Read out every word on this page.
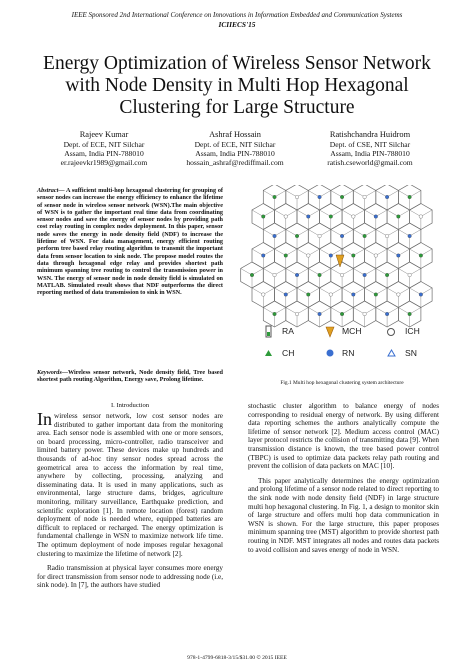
IEEE Sponsored 2nd International Conference on Innovations in Information Embedded and Communication Systems
ICIIECS'15
Energy Optimization of Wireless Sensor Network
with Node Density in Multi Hop Hexagonal
Clustering for Large Structure
Rajeev Kumar
Dept. of ECE, NIT Silchar
Assam, India PIN-788010
er.rajeevkr1989@gmail.com
Ashraf Hossain
Dept. of ECE, NIT Silchar
Assam, India PIN-788010
hossain_ashraf@rediffmail.com
Ratishchandra Huidrom
Dept. of CSE, NIT Silchar
Assam, India PIN-788010
ratish.cseworld@gmail.com
Abstract— A sufficient multi-hop hexagonal clustering for grouping of sensor nodes can increase the energy efficiency to enhance the lifetime of sensor node in wireless sensor network (WSN).The main objective of WSN is to gather the important real time data from coordinating sensor nodes and save the energy of sensor nodes by providing path cost relay routing in complex nodes deployment. In this paper, sensor node saves the energy in node density field (NDF) to increase the lifetime of WSN. For data management, energy efficient routing perform tree based relay routing algorithm to transmit the important data from sensor location to sink node. The propose model routes the data through hexagonal edge relay and provides shortest path minimum spanning tree routing to control the transmission power in WSN. The energy of sensor node in node density field is simulated on MATLAB. Simulated result shows that NDF outperforms the direct reporting method of data transmission to sink in WSN.
Keywords—Wireless sensor network, Node density field, Tree based shortest path routing Algorithm, Energy save, Prolong lifetime.
I. Introduction

In wireless sensor network, low cost sensor nodes are distributed to gather important data from the monitoring area. Each sensor node is assembled with one or more sensors, on board processing, micro-controller, radio transceiver and limited battery power. These devices make up hundreds and thousands of ad-hoc tiny sensor nodes spread across the geometrical area to access the information by real time, anywhere by collecting, processing, analyzing and disseminating data. It is used in many applications, such as environmental, large structure dams, bridges, agriculture monitoring, military surveillance, Earthquake prediction, and scientific exploration [1]. In remote location (forest) random deployment of node is needed where, equipped batteries are difficult to replaced or recharged. The energy optimization is fundamental challenge in WSN to maximize network life time. The optimum deployment of node imposes regular hexagonal clustering to maximize the lifetime of network [2].

Radio transmission at physical layer consumes more energy for direct transmission from sensor node to addressing node (i.e, sink node). In [7], the authors have studied

RA	MCH	ICH
CH	RN	SN
Fig.1 Multi hop hexagonal clustering system architecture

stochastic cluster algorithm to balance energy of nodes corresponding to residual energy of network. By using different data reporting schemes the authors analytically compute the lifetime of sensor network [2]. Medium access control (MAC) layer protocol restricts the collision of transmitting data [9]. When transmission distance is known, the tree based power control (TBPC) is used to optimize data packets relay path routing and prevent the collision of data packets on MAC [10].

This paper analytically determines the energy optimization and prolong lifetime of a sensor node related to direct reporting to the sink node with node density field (NDF) in large structure multi hop hexagonal clustering. In Fig. 1, a design to monitor skin of large structure and offers multi hop data communication in WSN is shown. For the large structure, this paper proposes minimum spanning tree (MST) algorithm to provide shortest path routing in NDF. MST integrates all nodes and routes data packets to avoid collision and saves energy of node in WSN.

978-1-4799-6818-3/15/$31.00 © 2015 IEEE
